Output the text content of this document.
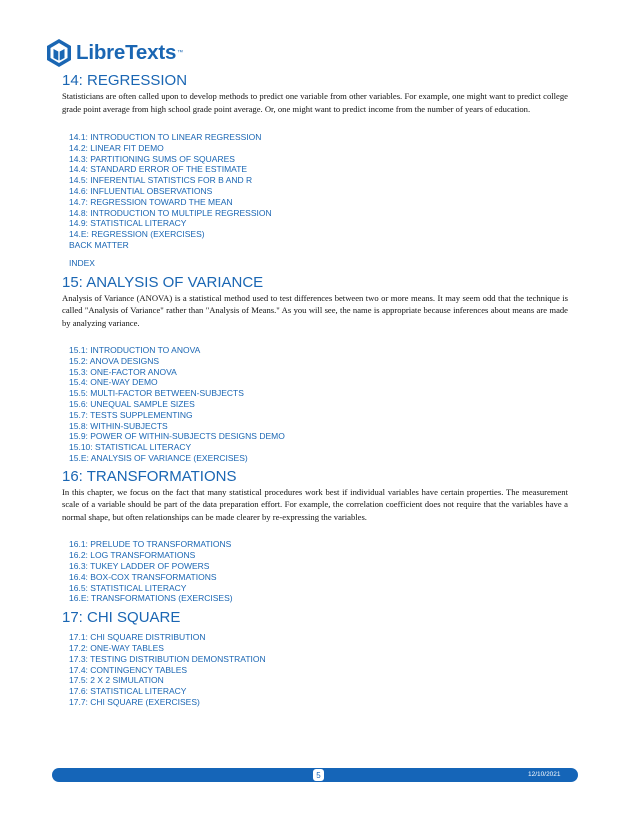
LibreTexts ™
14: REGRESSION

Statisticians are often called upon to develop methods to predict one variable from other variables. For example, one might want to predict college grade point average from high school grade point average. Or, one might want to predict income from the number of years of education.

14.1: INTRODUCTION TO LINEAR REGRESSION
14.2: LINEAR FIT DEMO
14.3: PARTITIONING SUMS OF SQUARES
14.4: STANDARD ERROR OF THE ESTIMATE
14.5: INFERENTIAL STATISTICS FOR B AND R
14.6: INFLUENTIAL OBSERVATIONS
14.7: REGRESSION TOWARD THE MEAN
14.8: INTRODUCTION TO MULTIPLE REGRESSION
14.9: STATISTICAL LITERACY
14.E: REGRESSION (EXERCISES)
BACK MATTER
INDEX
15: ANALYSIS OF VARIANCE

Analysis of Variance (ANOVA) is a statistical method used to test differences between two or more means. It may seem odd that the technique is called "Analysis of Variance" rather than "Analysis of Means." As you will see, the name is appropriate because inferences about means are made by analyzing variance.

15.1: INTRODUCTION TO ANOVA
15.2: ANOVA DESIGNS
15.3: ONE-FACTOR ANOVA
15.4: ONE-WAY DEMO
15.5: MULTI-FACTOR BETWEEN-SUBJECTS
15.6: UNEQUAL SAMPLE SIZES
15.7: TESTS SUPPLEMENTING
15.8: WITHIN-SUBJECTS
15.9: POWER OF WITHIN-SUBJECTS DESIGNS DEMO
15.10: STATISTICAL LITERACY
15.E: ANALYSIS OF VARIANCE (EXERCISES)
16: TRANSFORMATIONS

In this chapter, we focus on the fact that many statistical procedures work best if individual variables have certain properties. The measurement scale of a variable should be part of the data preparation effort. For example, the correlation coefficient does not require that the variables have a normal shape, but often relationships can be made clearer by re-expressing the variables.

16.1: PRELUDE TO TRANSFORMATIONS
16.2: LOG TRANSFORMATIONS
16.3: TUKEY LADDER OF POWERS
16.4: BOX-COX TRANSFORMATIONS
16.5: STATISTICAL LITERACY
16.E: TRANSFORMATIONS (EXERCISES)
17: CHI SQUARE
17.1: CHI SQUARE DISTRIBUTION
17.2: ONE-WAY TABLES
17.3: TESTING DISTRIBUTION DEMONSTRATION
17.4: CONTINGENCY TABLES
17.5: 2 X 2 SIMULATION
17.6: STATISTICAL LITERACY
17.7: CHI SQUARE (EXERCISES)
5	12/10/2021
